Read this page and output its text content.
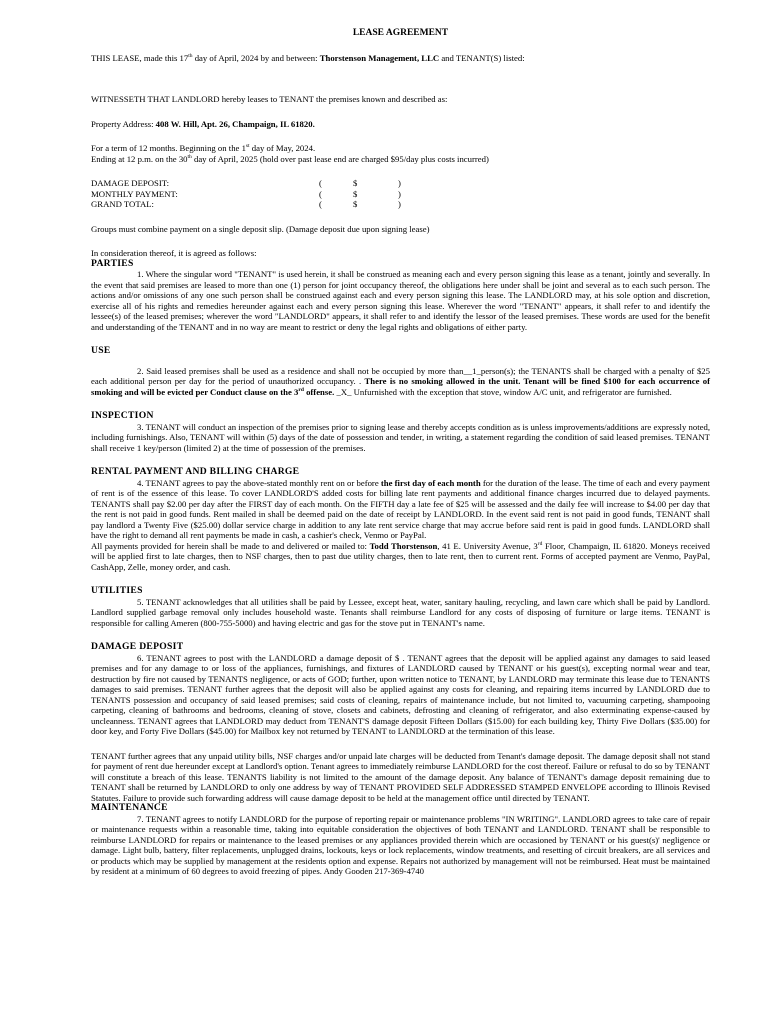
LEASE AGREEMENT

THIS LEASE, made this 17th day of April, 2024 by and between: Thorstenson Management, LLC and TENANT(S) listed:

WITNESSETH THAT LANDLORD hereby leases to TENANT the premises known and described as:

Property Address: 408 W. Hill, Apt. 26, Champaign, IL 61820.

For a term of 12 months. Beginning on the 1st day of May, 2024.

Ending at 12 p.m. on the 30th day of April, 2025 (hold over past lease end are charged $95/day plus costs incurred)

DAMAGE DEPOSIT:	(	$	)
MONTHLY PAYMENT:	(	$	)
GRAND TOTAL:	(	$	)

Groups must combine payment on a single deposit slip. (Damage deposit due upon signing lease)

In consideration thereof, it is agreed as follows:

PARTIES

1. Where the singular word "TENANT" is used herein, it shall be construed as meaning each and every person signing this lease as a tenant, jointly and severally. In the event that said premises are leased to more than one (1) person for joint occupancy thereof, the obligations here under shall be joint and several as to each such person. The actions and/or omissions of any one such person shall be construed against each and every person signing this lease. The LANDLORD may, at his sole option and discretion, exercise all of his rights and remedies hereunder against each and every person signing this lease. Wherever the word "TENANT" appears, it shall refer to and identify the lessee(s) of the leased premises; wherever the word "LANDLORD" appears, it shall refer to and identify the lessor of the leased premises. These words are used for the benefit and understanding of the TENANT and in no way are meant to restrict or deny the legal rights and obligations of either party.

USE

2. Said leased premises shall be used as a residence and shall not be occupied by more than__1_person(s); the TENANTS shall be charged with a penalty of $25 each additional person per day for the period of unauthorized occupancy. . There is no smoking allowed in the unit. Tenant will be fined $100 for each occurrence of smoking and will be evicted per Conduct clause on the 3rd offense. _X_ Unfurnished with the exception that stove, window A/C unit, and refrigerator are furnished.

INSPECTION

3. TENANT will conduct an inspection of the premises prior to signing lease and thereby accepts condition as is unless improvements/additions are expressly noted, including furnishings. Also, TENANT will within (5) days of the date of possession and tender, in writing, a statement regarding the condition of said leased premises. TENANT shall receive 1 key/person (limited 2) at the time of possession of the premises.

RENTAL PAYMENT AND BILLING CHARGE

4. TENANT agrees to pay the above-stated monthly rent on or before the first day of each month for the duration of the lease. The time of each and every payment of rent is of the essence of this lease. To cover LANDLORD'S added costs for billing late rent payments and additional finance charges incurred due to delayed payments. TENANTS shall pay $2.00 per day after the FIRST day of each month. On the FIFTH day a late fee of $25 will be assessed and the daily fee will increase to $4.00 per day that the rent is not paid in good funds. Rent mailed in shall be deemed paid on the date of receipt by LANDLORD. In the event said rent is not paid in good funds, TENANT shall pay landlord a Twenty Five ($25.00) dollar service charge in addition to any late rent service charge that may accrue before said rent is paid in good funds. LANDLORD shall have the right to demand all rent payments be made in cash, a cashier's check, Venmo or PayPal.

All payments provided for herein shall be made to and delivered or mailed to: Todd Thorstenson, 41 E. University Avenue, 3rd Floor, Champaign, IL 61820. Moneys received will be applied first to late charges, then to NSF charges, then to past due utility charges, then to late rent, then to current rent. Forms of accepted payment are Venmo, PayPal, CashApp, Zelle, money order, and cash.

UTILITIES

5. TENANT acknowledges that all utilities shall be paid by Lessee, except heat, water, sanitary hauling, recycling, and lawn care which shall be paid by Landlord. Landlord supplied garbage removal only includes household waste. Tenants shall reimburse Landlord for any costs of disposing of furniture or large items. TENANT is responsible for calling Ameren (800-755-5000) and having electric and gas for the stove put in TENANT's name.

DAMAGE DEPOSIT

6. TENANT agrees to post with the LANDLORD a damage deposit of $ . TENANT agrees that the deposit will be applied against any damages to said leased premises and for any damage to or loss of the appliances, furnishings, and fixtures of LANDLORD caused by TENANT or his guest(s), excepting normal wear and tear, destruction by fire not caused by TENANTS negligence, or acts of GOD; further, upon written notice to TENANT, by LANDLORD may terminate this lease due to TENANTS damages to said premises. TENANT further agrees that the deposit will also be applied against any costs for cleaning, and repairing items incurred by LANDLORD due to TENANTS possession and occupancy of said leased premises; said costs of cleaning, repairs of maintenance include, but not limited to, vacuuming carpeting, shampooing carpeting, cleaning of bathrooms and bedrooms, cleaning of stove, closets and cabinets, defrosting and cleaning of refrigerator, and also exterminating expense-caused by uncleanness. TENANT agrees that LANDLORD may deduct from TENANT'S damage deposit Fifteen Dollars ($15.00) for each building key, Thirty Five Dollars ($35.00) for door key, and Forty Five Dollars ($45.00) for Mailbox key not returned by TENANT to LANDLORD at the termination of this lease.

TENANT further agrees that any unpaid utility bills, NSF charges and/or unpaid late charges will be deducted from Tenant's damage deposit. The damage deposit shall not stand for payment of rent due hereunder except at Landlord's option. Tenant agrees to immediately reimburse LANDLORD for the cost thereof. Failure or refusal to do so by TENANT will constitute a breach of this lease. TENANTS liability is not limited to the amount of the damage deposit. Any balance of TENANT's damage deposit remaining due to TENANT shall be returned by LANDLORD to only one address by way of TENANT PROVIDED SELF ADDRESSED STAMPED ENVELOPE according to Illinois Revised Statutes. Failure to provide such forwarding address will cause damage deposit to be held at the management office until directed by TENANT.

MAINTENANCE

7. TENANT agrees to notify LANDLORD for the purpose of reporting repair or maintenance problems "IN WRITING". LANDLORD agrees to take care of repair or maintenance requests within a reasonable time, taking into equitable consideration the objectives of both TENANT and LANDLORD. TENANT shall be responsible to reimburse LANDLORD for repairs or maintenance to the leased premises or any appliances provided therein which are occasioned by TENANT or his guest(s)' negligence or damage. Light bulb, battery, filter replacements, unplugged drains, lockouts, keys or lock replacements, window treatments, and resetting of circuit breakers, are all services and or products which may be supplied by management at the residents option and expense. Repairs not authorized by management will not be reimbursed. Heat must be maintained by resident at a minimum of 60 degrees to avoid freezing of pipes. Andy Gooden 217-369-4740
